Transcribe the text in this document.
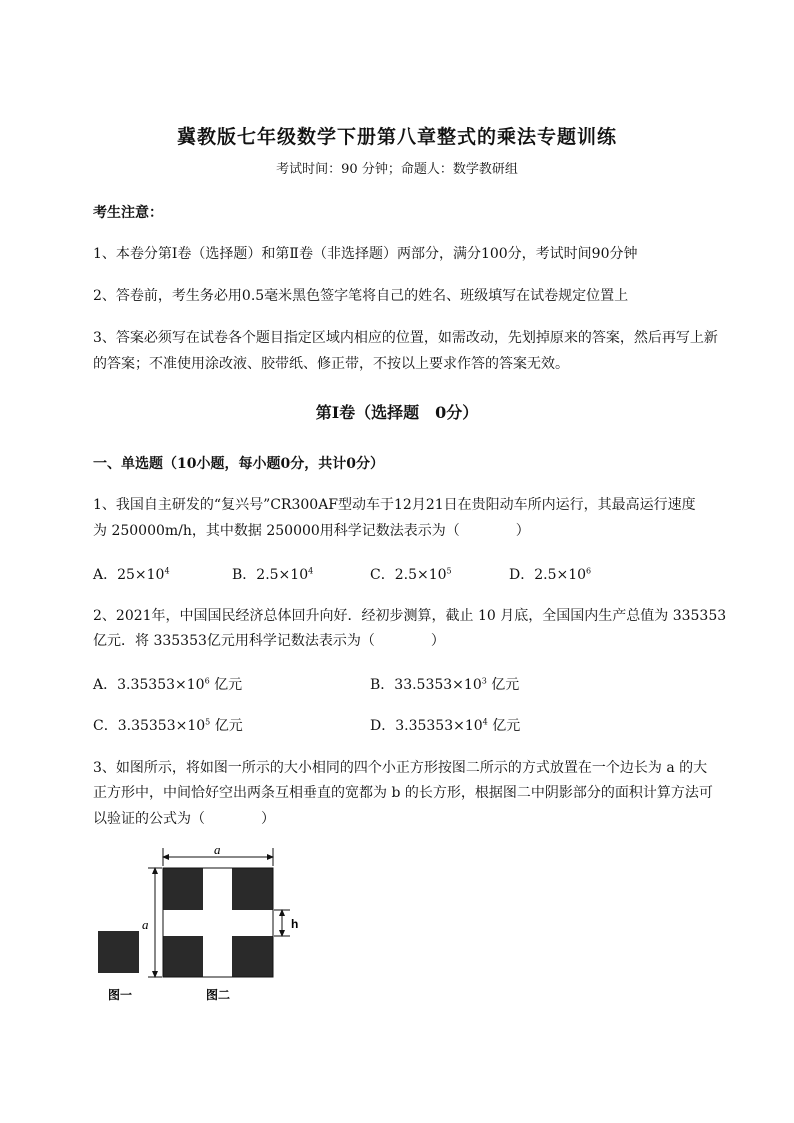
冀教版七年级数学下册第八章整式的乘法专题训练
考试时间：90 分钟；命题人：数学教研组
考生注意：
1、本卷分第Ⅰ卷（选择题）和第Ⅱ卷（非选择题）两部分，满分100分，考试时间90分钟
2、答卷前，考生务必用0.5毫米黑色签字笔将自己的姓名、班级填写在试卷规定位置上
3、答案必须写在试卷各个题目指定区域内相应的位置，如需改动，先划掉原来的答案，然后再写上新
的答案；不准使用涂改液、胶带纸、修正带，不按以上要求作答的答案无效。
第Ⅰ卷（选择题　0分）
一、单选题（10小题，每小题0分，共计0分）
1、我国自主研发的“复兴号”CR300AF型动车于12月21日在贵阳动车所内运行，其最高运行速度
为 250000m/h，其中数据 250000用科学记数法表示为（　　　　）
A．$25\times 10^4$	B．$2.5\times 10^4$	C．$2.5\times 10^5$	D．$2.5\times 10^6$
2、2021年，中国国民经济总体回升向好．经初步测算，截止 10 月底，全国国内生产总值为 335353
亿元．将 335353亿元用科学记数法表示为（　　　　）
A．$3.35353\times 10^6$ 亿元	B．$33.5353\times 10^3$ 亿元
C．$3.35353\times 10^5$ 亿元	D．$3.35353\times 10^4$ 亿元
3、如图所示，将如图一所示的大小相同的四个小正方形按图二所示的方式放置在一个边长为 a 的大
正方形中，中间恰好空出两条互相垂直的宽都为 b 的长方形，根据图二中阴影部分的面积计算方法可
以验证的公式为（　　　　）
a
a	h
图一	图二
